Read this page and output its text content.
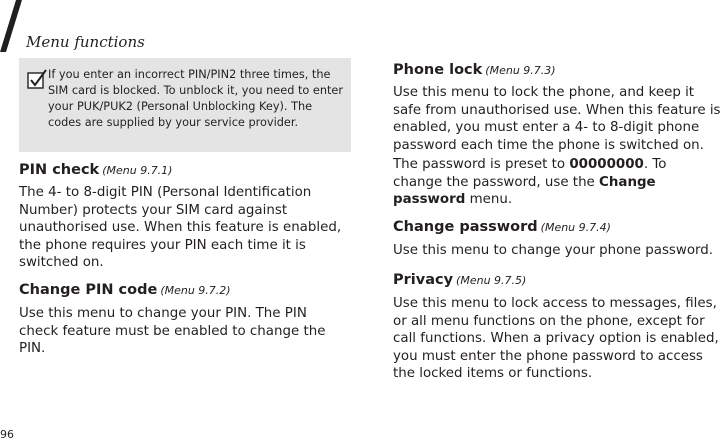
Menu functions
If you enter an incorrect PIN/PIN2 three times, the SIM card is blocked. To unblock it, you need to enter your PUK/PUK2 (Personal Unblocking Key). The codes are supplied by your service provider.
PIN check (Menu 9.7.1)
The 4- to 8-digit PIN (Personal Identification Number) protects your SIM card against unauthorised use. When this feature is enabled, the phone requires your PIN each time it is switched on.
Change PIN code (Menu 9.7.2)
Use this menu to change your PIN. The PIN check feature must be enabled to change the PIN.
Phone lock (Menu 9.7.3)
Use this menu to lock the phone, and keep it safe from unauthorised use. When this feature is enabled, you must enter a 4- to 8-digit phone password each time the phone is switched on.
The password is preset to 00000000. To change the password, use the Change password menu.
Change password (Menu 9.7.4)
Use this menu to change your phone password.
Privacy (Menu 9.7.5)
Use this menu to lock access to messages, files, or all menu functions on the phone, except for call functions. When a privacy option is enabled, you must enter the phone password to access the locked items or functions.
96
